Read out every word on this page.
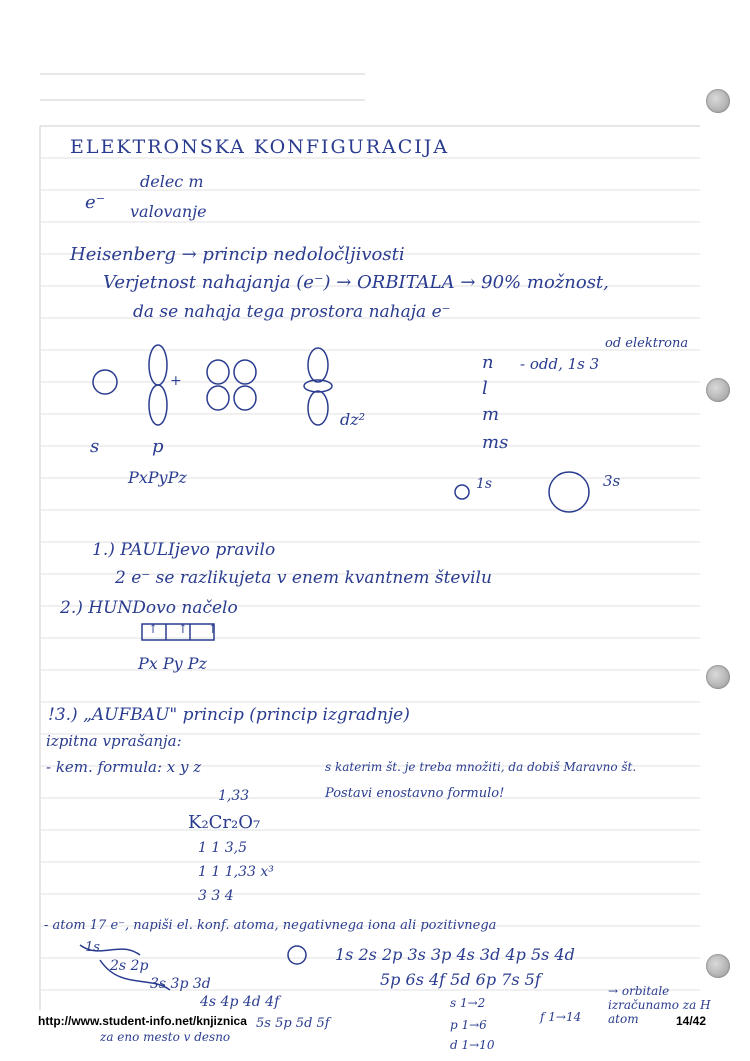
ELEKTRONSKA KONFIGURACIJA
e⁻
delec m
valovanje
Heisenberg → princip nedoločljivosti
Verjetnost nahajanja (e⁻) → ORBITALA → 90% možnost,
da se nahaja tega prostora nahaja e⁻
+
dz²
s	p
PxPyPz
n - odd, 1s 3
od elektrona
l
m
ms
1s	3s
1.) PAULIjevo pravilo
2 e⁻ se razlikujeta v enem kvantnem številu
2.) HUNDovo načelo
↑ ↑ ↑
Px Py Pz
!3.) „AUFBAU" princip (princip izgradnje)
izpitna vprašanja:
- kem. formula: x y z
1,33
K₂Cr₂O₇
1 1 3,5
1 1 1,33 x³
3 3 4
s katerim št. je treba množiti, da dobiš Maravno št.
Postavi enostavno formulo!
- atom 17 e⁻, napiši el. konf. atoma, negativnega iona ali pozitivnega
1s
2s 2p
3s 3p 3d
4s 4p 4d 4f
5s 5p 5d 5f
za eno mesto v desno
1s 2s 2p 3s 3p 4s 3d 4p 5s 4d
5p 6s 4f 5d 6p 7s 5f
s 1→2
p 1→6
d 1→10
f 1→14
→ orbitale izračunamo za H atom
http://www.student-info.net/knjiznica	14/42
